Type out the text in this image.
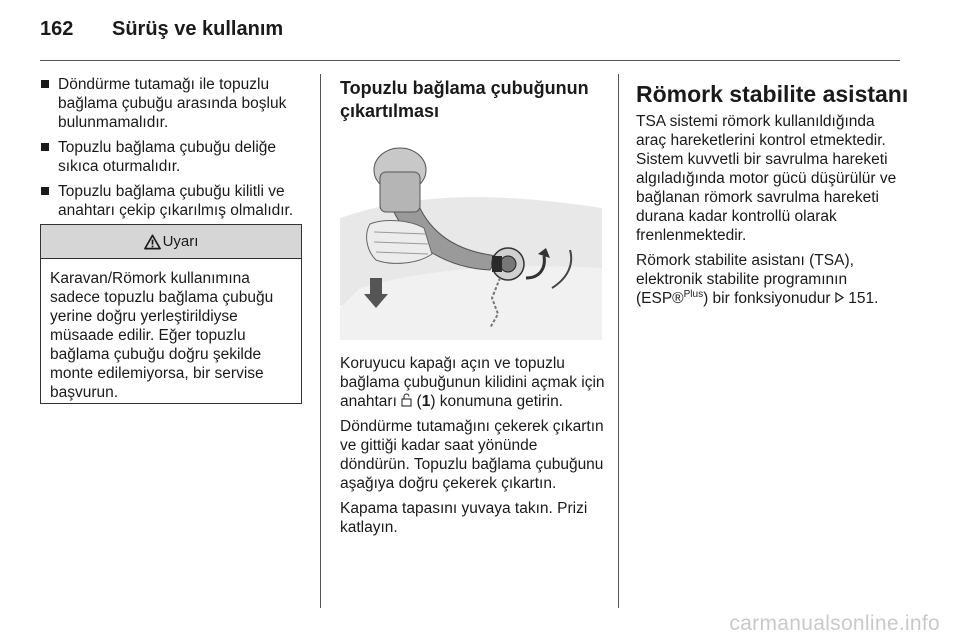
162 Sürüş ve kullanım
Döndürme tutamağı ile topuzlu bağlama çubuğu arasında boşluk bulunmamalıdır.
Topuzlu bağlama çubuğu deliğe sıkıca oturmalıdır.
Topuzlu bağlama çubuğu kilitli ve anahtarı çekip çıkarılmış olmalıdır.
Uyarı
Karavan/Römork kullanımına sadece topuzlu bağlama çubuğu yerine doğru yerleştirildiyse müsaade edilir. Eğer topuzlu bağlama çubuğu doğru şekilde monte edilemiyorsa, bir servise başvurun.
Topuzlu bağlama çubuğunun çıkartılması

Koruyucu kapağı açın ve topuzlu bağlama çubuğunun kilidini açmak için anahtarı (1) konumuna getirin.

Döndürme tutamağını çekerek çıkartın ve gittiği kadar saat yönünde döndürün. Topuzlu bağlama çubuğunu aşağıya doğru çekerek çıkartın.

Kapama tapasını yuvaya takın. Prizi katlayın.

Römork stabilite asistanı

TSA sistemi römork kullanıldığında araç hareketlerini kontrol etmektedir. Sistem kuvvetli bir savrulma hareketi algıladığında motor gücü düşürülür ve bağlanan römork savrulma hareketi durana kadar kontrollü olarak frenlenmektedir.

Römork stabilite asistanı (TSA), elektronik stabilite programının (ESP®$^{Plus}$) bir fonksiyonudur 151.

carmanualsonline.info
